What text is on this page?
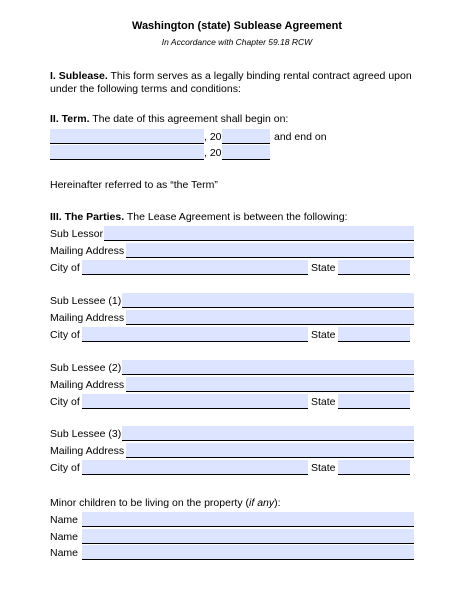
Washington (state) Sublease Agreement
In Accordance with Chapter 59.18 RCW
I. Sublease. This form serves as a legally binding rental contract agreed upon
under the following terms and conditions:
II. Term. The date of this agreement shall begin on:
, 20	and end on
, 20
Hereinafter referred to as “the Term”
III. The Parties. The Lease Agreement is between the following:
Sub Lessor
Mailing Address
City of	State
Sub Lessee (1)
Mailing Address
City of	State
Sub Lessee (2)
Mailing Address
City of	State
Sub Lessee (3)
Mailing Address
City of	State
Minor children to be living on the property (if any):
Name
Name
Name
